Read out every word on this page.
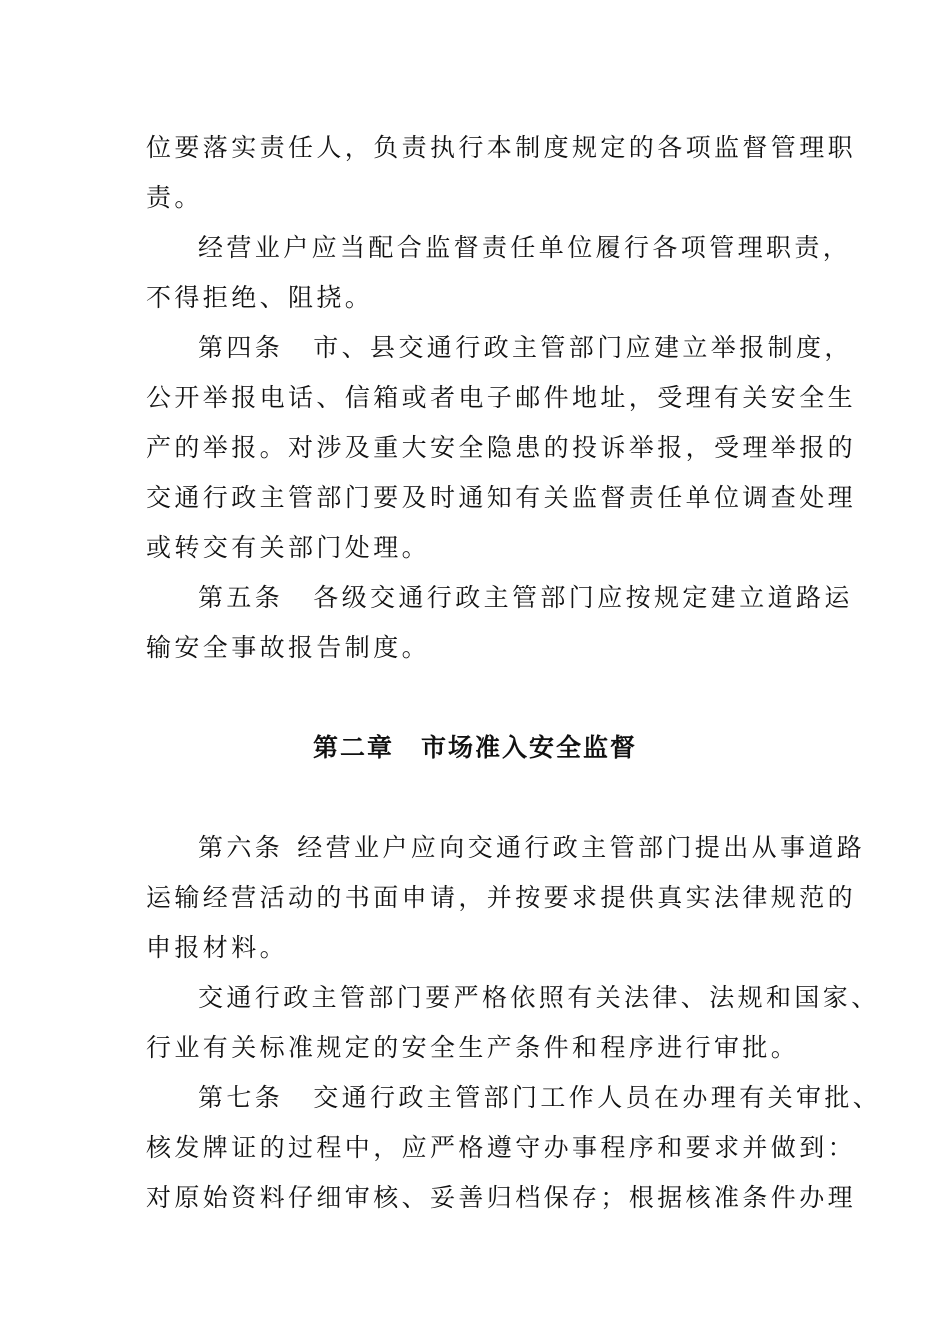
位要落实责任人，负责执行本制度规定的各项监督管理职
责。
经营业户应当配合监督责任单位履行各项管理职责，
不得拒绝、阻挠。
第四条 市、县交通行政主管部门应建立举报制度，
公开举报电话、信箱或者电子邮件地址，受理有关安全生
产的举报。对涉及重大安全隐患的投诉举报，受理举报的
交通行政主管部门要及时通知有关监督责任单位调查处理
或转交有关部门处理。
第五条 各级交通行政主管部门应按规定建立道路运
输安全事故报告制度。
第二章　市场准入安全监督
第六条 经营业户应向交通行政主管部门提出从事道路
运输经营活动的书面申请，并按要求提供真实法律规范的
申报材料。
交通行政主管部门要严格依照有关法律、法规和国家、
行业有关标准规定的安全生产条件和程序进行审批。
第七条 交通行政主管部门工作人员在办理有关审批、
核发牌证的过程中，应严格遵守办事程序和要求并做到：
对原始资料仔细审核、妥善归档保存；根据核准条件办理
